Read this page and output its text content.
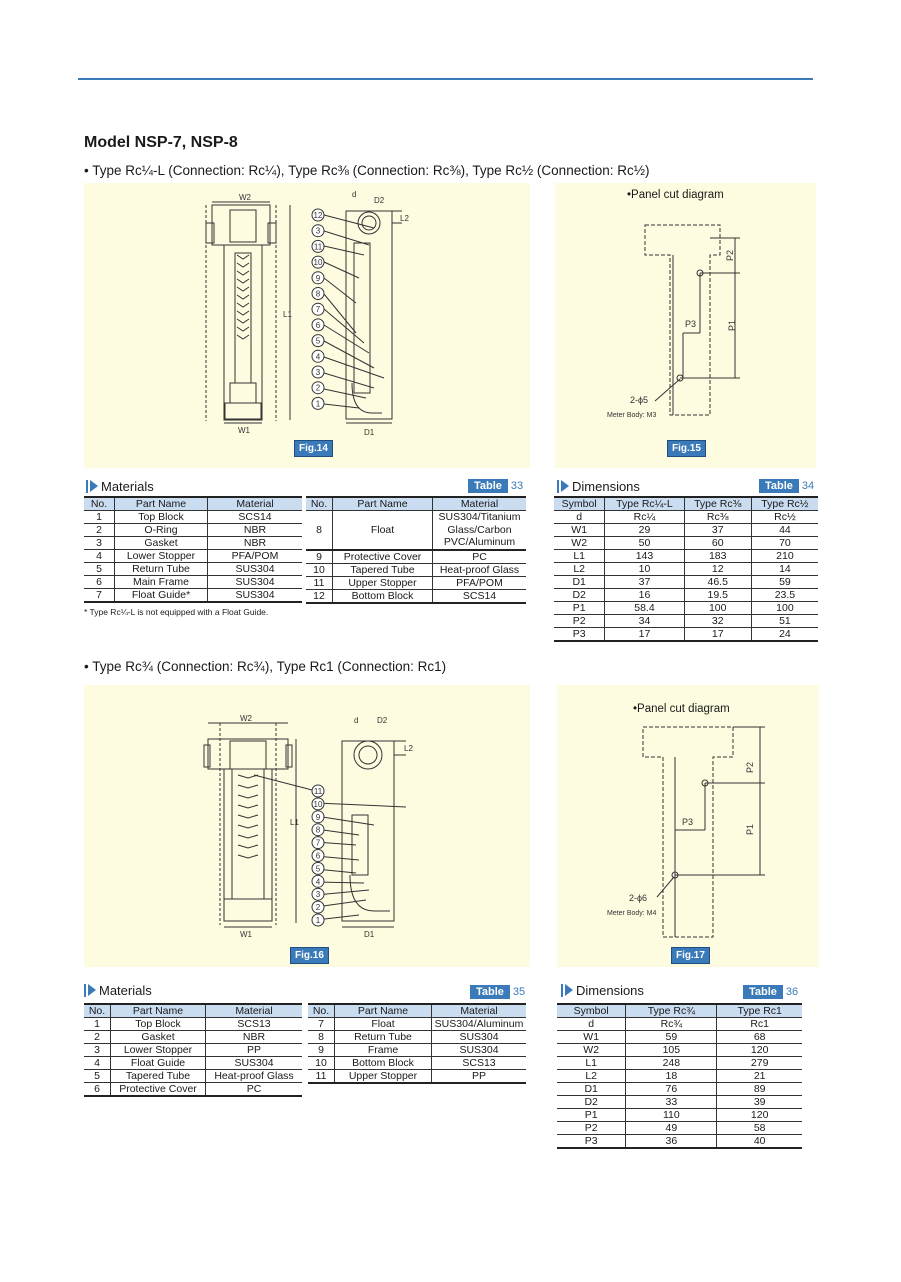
Model NSP-7, NSP-8
• Type Rc¼-L (Connection: Rc¼), Type Rc⅜ (Connection: Rc⅜), Type Rc½ (Connection: Rc½)
W2
W1
L1
d
D2
L2
D1
12
3
11
10
9
8
7
6
5
4
3
2
1
Fig.14
•Panel cut diagram
P2
P1
P3
2-ϕ5
Meter Body: M3
Fig.15
Materials	Table 33
No.	Part Name	Material
1	Top Block	SCS14
2	O-Ring	NBR
3	Gasket	NBR
4	Lower Stopper	PFA/POM
5	Return Tube	SUS304
6	Main Frame	SUS304
7	Float Guide*	SUS304
No.	Part Name	Material
8	Float	SUS304/Titanium
Glass/Carbon
PVC/Aluminum

9	Protective Cover	PC
10	Tapered Tube	Heat-proof Glass
11	Upper Stopper	PFA/POM
12	Bottom Block	SCS14
* Type Rc¼-L is not equipped with a Float Guide.
Dimensions	Table 34
Symbol	Type Rc¼-L	Type Rc⅜	Type Rc½
d	Rc¼	Rc⅜	Rc½
W1	29	37	44
W2	50	60	70
L1	143	183	210
L2	10	12	14
D1	37	46.5	59
D2	16	19.5	23.5
P1	58.4	100	100
P2	34	32	51
P3	17	17	24
• Type Rc¾ (Connection: Rc¾), Type Rc1 (Connection: Rc1)
W2
W1
L1
d D2
L2
D1
11
10
9
8
7
6
5
4
3
2
1
Fig.16
•Panel cut diagram
P2
P1
P3
2-ϕ6
Meter Body: M4
Fig.17
Materials	Table 35
No.	Part Name	Material
1	Top Block	SCS13
2	Gasket	NBR
3	Lower Stopper	PP
4	Float Guide	SUS304
5	Tapered Tube	Heat-proof Glass
6	Protective Cover	PC
No.	Part Name	Material
7	Float	SUS304/Aluminum
8	Return Tube	SUS304
9	Frame	SUS304
10	Bottom Block	SCS13
11	Upper Stopper	PP
Dimensions	Table 36
Symbol	Type Rc¾	Type Rc1
d	Rc¾	Rc1
W1	59	68
W2	105	120
L1	248	279
L2	18	21
D1	76	89
D2	33	39
P1	110	120
P2	49	58
P3	36	40
